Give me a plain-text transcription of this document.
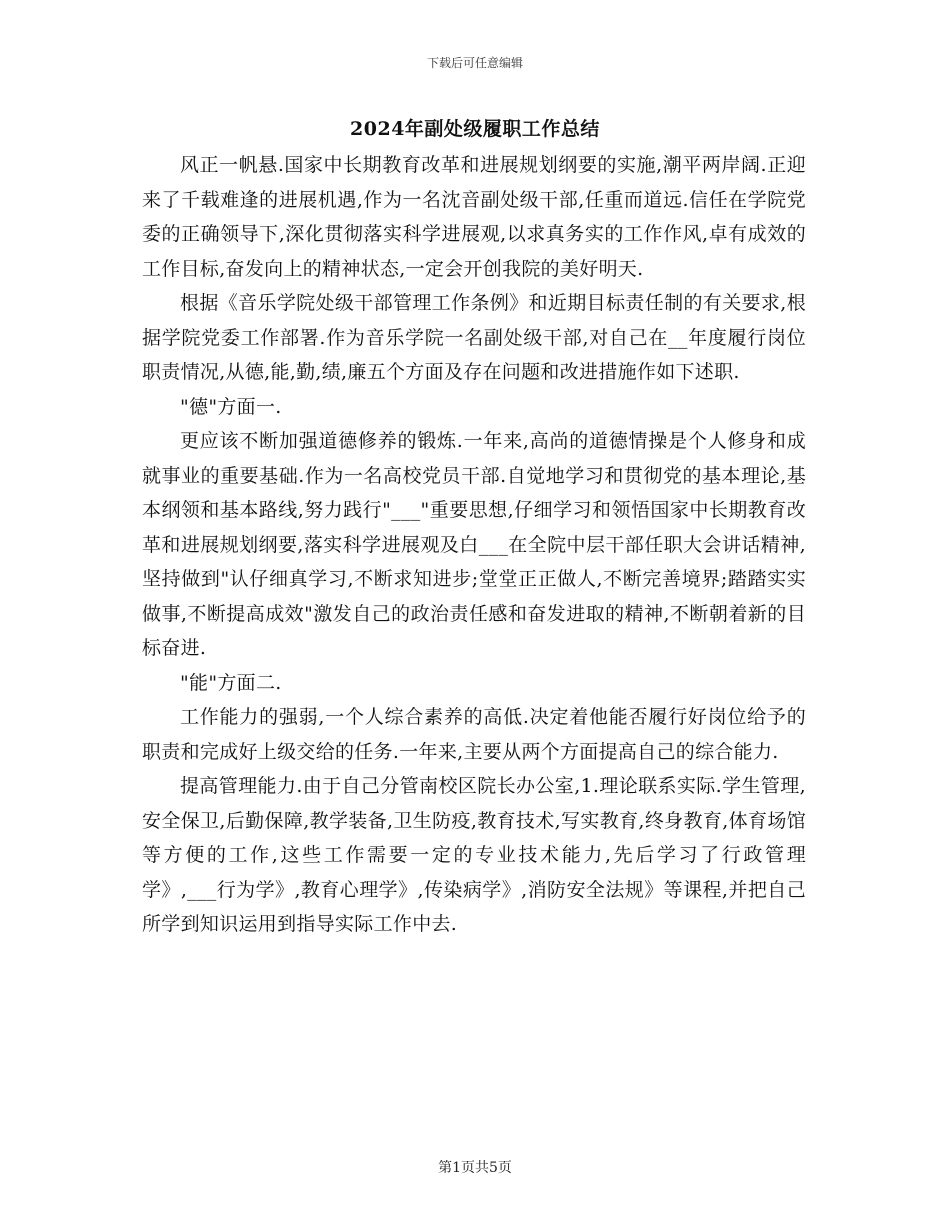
下载后可任意编辑
2024年副处级履职工作总结

风正一帆悬.国家中长期教育改革和进展规划纲要的实施,潮平两岸阔.正迎来了千载难逢的进展机遇,作为一名沈音副处级干部,任重而道远.信任在学院党委的正确领导下,深化贯彻落实科学进展观,以求真务实的工作作风,卓有成效的工作目标,奋发向上的精神状态,一定会开创我院的美好明天.

根据《音乐学院处级干部管理工作条例》和近期目标责任制的有关要求,根据学院党委工作部署.作为音乐学院一名副处级干部,对自己在__年度履行岗位职责情况,从德,能,勤,绩,廉五个方面及存在问题和改进措施作如下述职.

"德"方面一.

更应该不断加强道德修养的锻炼.一年来,高尚的道德情操是个人修身和成就事业的重要基础.作为一名高校党员干部.自觉地学习和贯彻党的基本理论,基本纲领和基本路线,努力践行"___"重要思想,仔细学习和领悟国家中长期教育改革和进展规划纲要,落实科学进展观及白___在全院中层干部任职大会讲话精神,坚持做到"认仔细真学习,不断求知进步;堂堂正正做人,不断完善境界;踏踏实实做事,不断提高成效"激发自己的政治责任感和奋发进取的精神,不断朝着新的目标奋进.

"能"方面二.

工作能力的强弱,一个人综合素养的高低.决定着他能否履行好岗位给予的职责和完成好上级交给的任务.一年来,主要从两个方面提高自己的综合能力.

提高管理能力.由于自己分管南校区院长办公室,1.理论联系实际.学生管理,安全保卫,后勤保障,教学装备,卫生防疫,教育技术,写实教育,终身教育,体育场馆等方便的工作,这些工作需要一定的专业技术能力,先后学习了行政管理学》,___行为学》,教育心理学》,传染病学》,消防安全法规》等课程,并把自己所学到知识运用到指导实际工作中去.

第1页共5页
